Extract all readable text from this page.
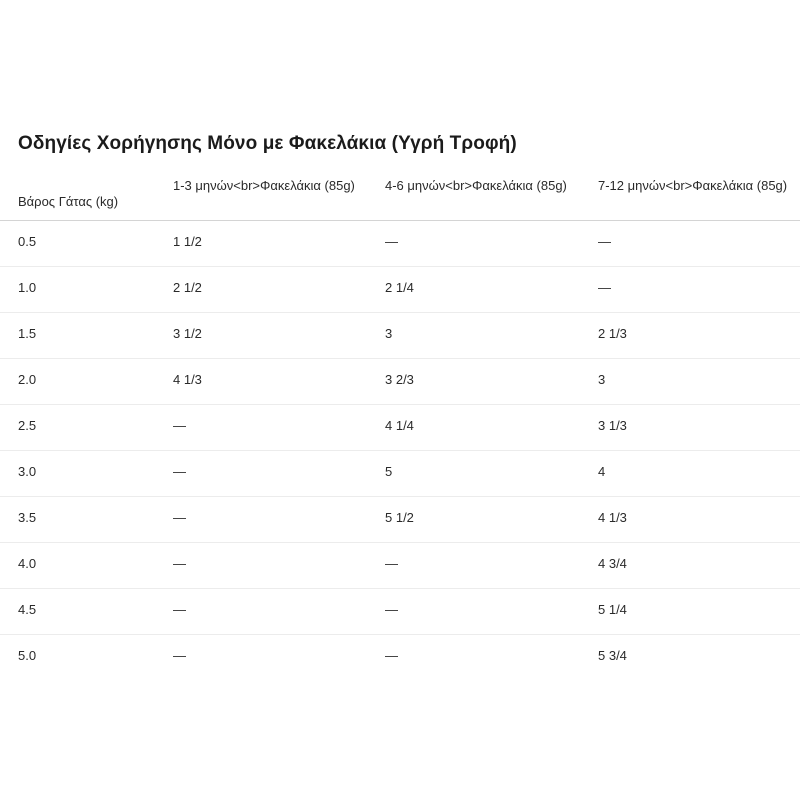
Οδηγίες Χορήγησης Μόνο με Φακελάκια (Υγρή Τροφή)
Βάρος Γάτας (kg)
1-3 μηνών<br>Φακελάκια (85g)	4-6 μηνών<br>Φακελάκια (85g)	7-12 μηνών<br>Φακελάκια (85g)
0.5	1 1/2	—	—
1.0	2 1/2	2 1/4	—
1.5	3 1/2	3	2 1/3
2.0	4 1/3	3 2/3	3
2.5	—	4 1/4	3 1/3
3.0	—	5	4
3.5	—	5 1/2	4 1/3
4.0	—	—	4 3/4
4.5	—	—	5 1/4
5.0	—	—	5 3/4
